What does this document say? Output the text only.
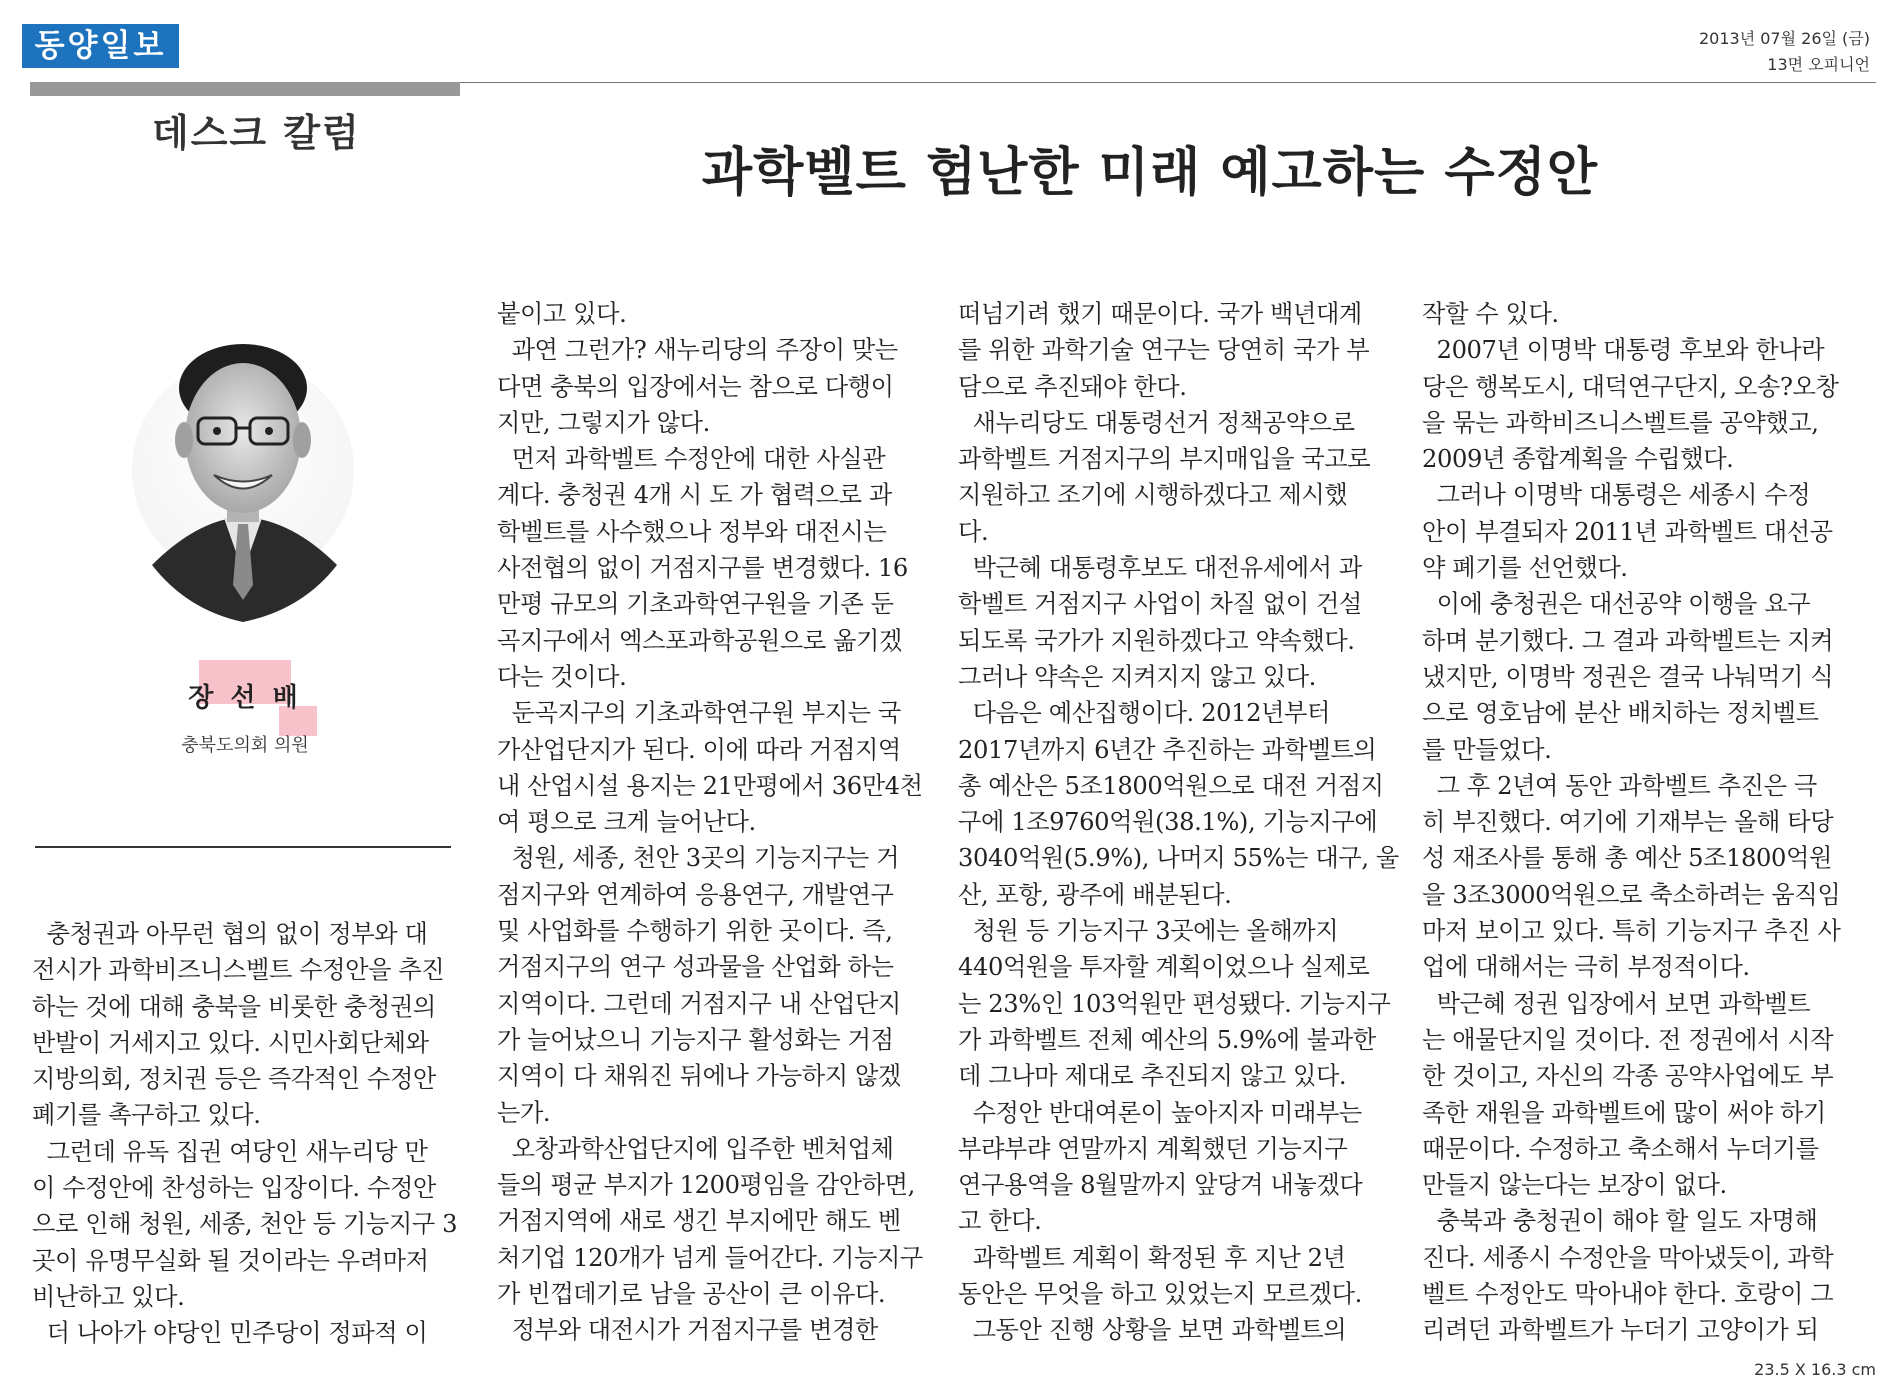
동양일보	2013년 07월 26일 (금)
13면 오피니언
데스크 칼럼
과학벨트 험난한 미래 예고하는 수정안
장 선 배
충북도의회 의원
충청권과 아무런 협의 없이 정부와 대
전시가 과학비즈니스벨트 수정안을 추진
하는 것에 대해 충북을 비롯한 충청권의
반발이 거세지고 있다. 시민사회단체와
지방의회, 정치권 등은 즉각적인 수정안
폐기를 촉구하고 있다.
그런데 유독 집권 여당인 새누리당 만
이 수정안에 찬성하는 입장이다. 수정안
으로 인해 청원, 세종, 천안 등 기능지구 3
곳이 유명무실화 될 것이라는 우려마저
비난하고 있다.
더 나아가 야당인 민주당이 정파적 이
붙이고 있다.
과연 그런가? 새누리당의 주장이 맞는
다면 충북의 입장에서는 참으로 다행이
지만, 그렇지가 않다.
먼저 과학벨트 수정안에 대한 사실관
계다. 충청권 4개 시 도 가 협력으로 과
학벨트를 사수했으나 정부와 대전시는
사전협의 없이 거점지구를 변경했다. 16
만평 규모의 기초과학연구원을 기존 둔
곡지구에서 엑스포과학공원으로 옮기겠
다는 것이다.
둔곡지구의 기초과학연구원 부지는 국
가산업단지가 된다. 이에 따라 거점지역
내 산업시설 용지는 21만평에서 36만4천
여 평으로 크게 늘어난다.
청원, 세종, 천안 3곳의 기능지구는 거
점지구와 연계하여 응용연구, 개발연구
및 사업화를 수행하기 위한 곳이다. 즉,
거점지구의 연구 성과물을 산업화 하는
지역이다. 그런데 거점지구 내 산업단지
가 늘어났으니 기능지구 활성화는 거점
지역이 다 채워진 뒤에나 가능하지 않겠
는가.
오창과학산업단지에 입주한 벤처업체
들의 평균 부지가 1200평임을 감안하면,
거점지역에 새로 생긴 부지에만 해도 벤
처기업 120개가 넘게 들어간다. 기능지구
가 빈껍데기로 남을 공산이 큰 이유다.
정부와 대전시가 거점지구를 변경한
떠넘기려 했기 때문이다. 국가 백년대계
를 위한 과학기술 연구는 당연히 국가 부
담으로 추진돼야 한다.
새누리당도 대통령선거 정책공약으로
과학벨트 거점지구의 부지매입을 국고로
지원하고 조기에 시행하겠다고 제시했
다.
박근혜 대통령후보도 대전유세에서 과
학벨트 거점지구 사업이 차질 없이 건설
되도록 국가가 지원하겠다고 약속했다.
그러나 약속은 지켜지지 않고 있다.
다음은 예산집행이다. 2012년부터
2017년까지 6년간 추진하는 과학벨트의
총 예산은 5조1800억원으로 대전 거점지
구에 1조9760억원(38.1%), 기능지구에
3040억원(5.9%), 나머지 55%는 대구, 울
산, 포항, 광주에 배분된다.
청원 등 기능지구 3곳에는 올해까지
440억원을 투자할 계획이었으나 실제로
는 23%인 103억원만 편성됐다. 기능지구
가 과학벨트 전체 예산의 5.9%에 불과한
데 그나마 제대로 추진되지 않고 있다.
수정안 반대여론이 높아지자 미래부는
부랴부랴 연말까지 계획했던 기능지구
연구용역을 8월말까지 앞당겨 내놓겠다
고 한다.
과학벨트 계획이 확정된 후 지난 2년
동안은 무엇을 하고 있었는지 모르겠다.
그동안 진행 상황을 보면 과학벨트의
작할 수 있다.
2007년 이명박 대통령 후보와 한나라
당은 행복도시, 대덕연구단지, 오송?오창
을 묶는 과학비즈니스벨트를 공약했고,
2009년 종합계획을 수립했다.
그러나 이명박 대통령은 세종시 수정
안이 부결되자 2011년 과학벨트 대선공
약 폐기를 선언했다.
이에 충청권은 대선공약 이행을 요구
하며 분기했다. 그 결과 과학벨트는 지켜
냈지만, 이명박 정권은 결국 나눠먹기 식
으로 영호남에 분산 배치하는 정치벨트
를 만들었다.
그 후 2년여 동안 과학벨트 추진은 극
히 부진했다. 여기에 기재부는 올해 타당
성 재조사를 통해 총 예산 5조1800억원
을 3조3000억원으로 축소하려는 움직임
마저 보이고 있다. 특히 기능지구 추진 사
업에 대해서는 극히 부정적이다.
박근혜 정권 입장에서 보면 과학벨트
는 애물단지일 것이다. 전 정권에서 시작
한 것이고, 자신의 각종 공약사업에도 부
족한 재원을 과학벨트에 많이 써야 하기
때문이다. 수정하고 축소해서 누더기를
만들지 않는다는 보장이 없다.
충북과 충청권이 해야 할 일도 자명해
진다. 세종시 수정안을 막아냈듯이, 과학
벨트 수정안도 막아내야 한다. 호랑이 그
리려던 과학벨트가 누더기 고양이가 되
23.5 X 16.3 cm
